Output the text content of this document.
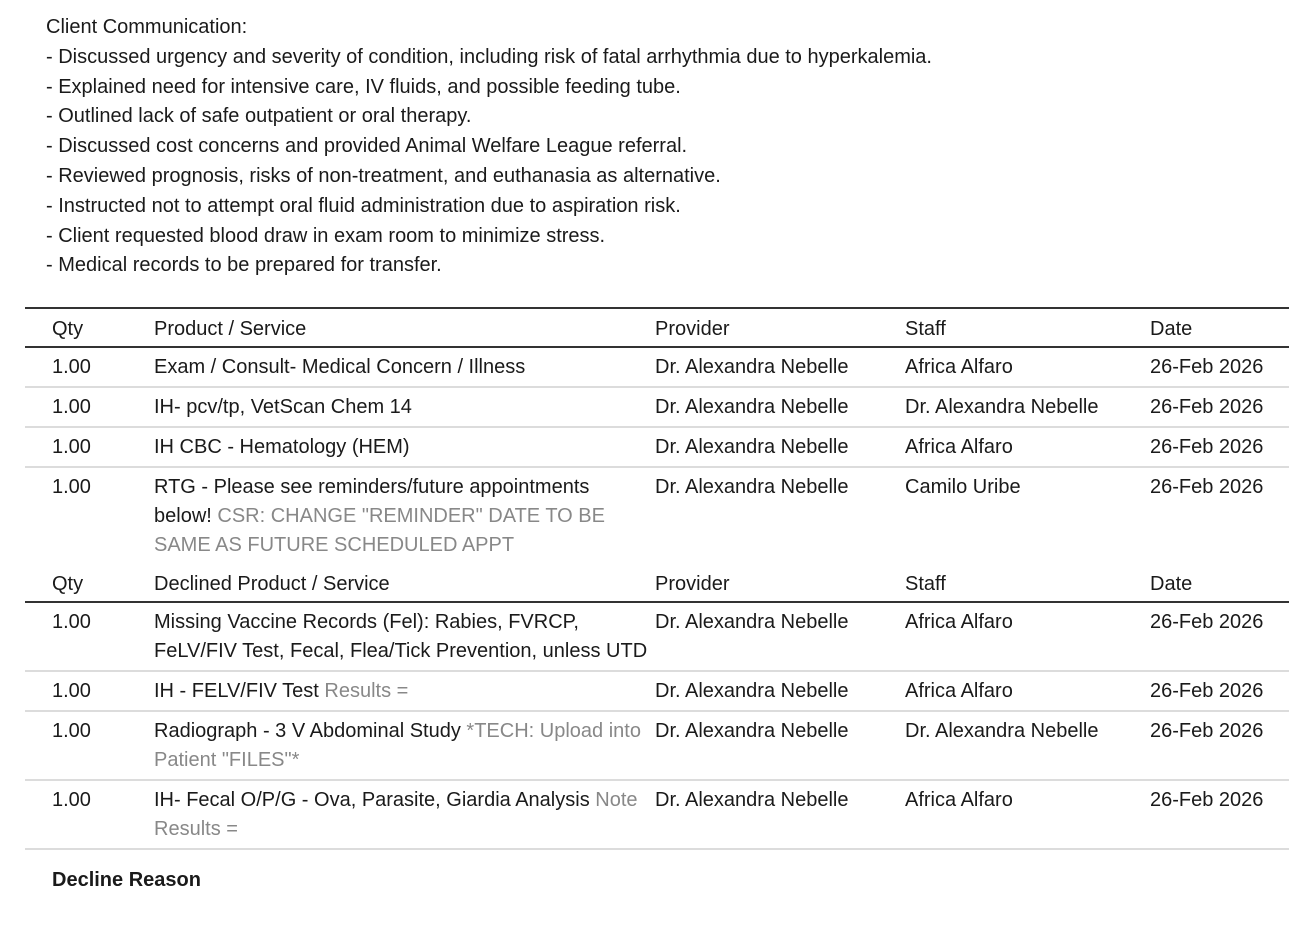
Client Communication:
- Discussed urgency and severity of condition, including risk of fatal arrhythmia due to hyperkalemia.
- Explained need for intensive care, IV fluids, and possible feeding tube.
- Outlined lack of safe outpatient or oral therapy.
- Discussed cost concerns and provided Animal Welfare League referral.
- Reviewed prognosis, risks of non-treatment, and euthanasia as alternative.
- Instructed not to attempt oral fluid administration due to aspiration risk.
- Client requested blood draw in exam room to minimize stress.
- Medical records to be prepared for transfer.
Qty	Product / Service	Provider	Staff	Date
1.00	Exam / Consult- Medical Concern / Illness	Dr. Alexandra Nebelle	Africa Alfaro	26-Feb 2026
1.00	IH- pcv/tp, VetScan Chem 14	Dr. Alexandra Nebelle	Dr. Alexandra Nebelle	26-Feb 2026
1.00	IH CBC - Hematology (HEM)	Dr. Alexandra Nebelle	Africa Alfaro	26-Feb 2026
1.00	RTG - Please see reminders/future appointments below! CSR: CHANGE "REMINDER" DATE TO BE SAME AS FUTURE SCHEDULED APPT	Dr. Alexandra Nebelle	Camilo Uribe	26-Feb 2026
Qty	Declined Product / Service	Provider	Staff	Date
1.00	Missing Vaccine Records (Fel): Rabies, FVRCP, FeLV/FIV Test, Fecal, Flea/Tick Prevention, unless UTD	Dr. Alexandra Nebelle	Africa Alfaro	26-Feb 2026
1.00	IH - FELV/FIV Test Results =	Dr. Alexandra Nebelle	Africa Alfaro	26-Feb 2026
1.00	Radiograph - 3 V Abdominal Study *TECH: Upload into Patient "FILES"*	Dr. Alexandra Nebelle	Dr. Alexandra Nebelle	26-Feb 2026
1.00	IH- Fecal O/P/G - Ova, Parasite, Giardia Analysis Note Results =	Dr. Alexandra Nebelle	Africa Alfaro	26-Feb 2026
Decline Reason
